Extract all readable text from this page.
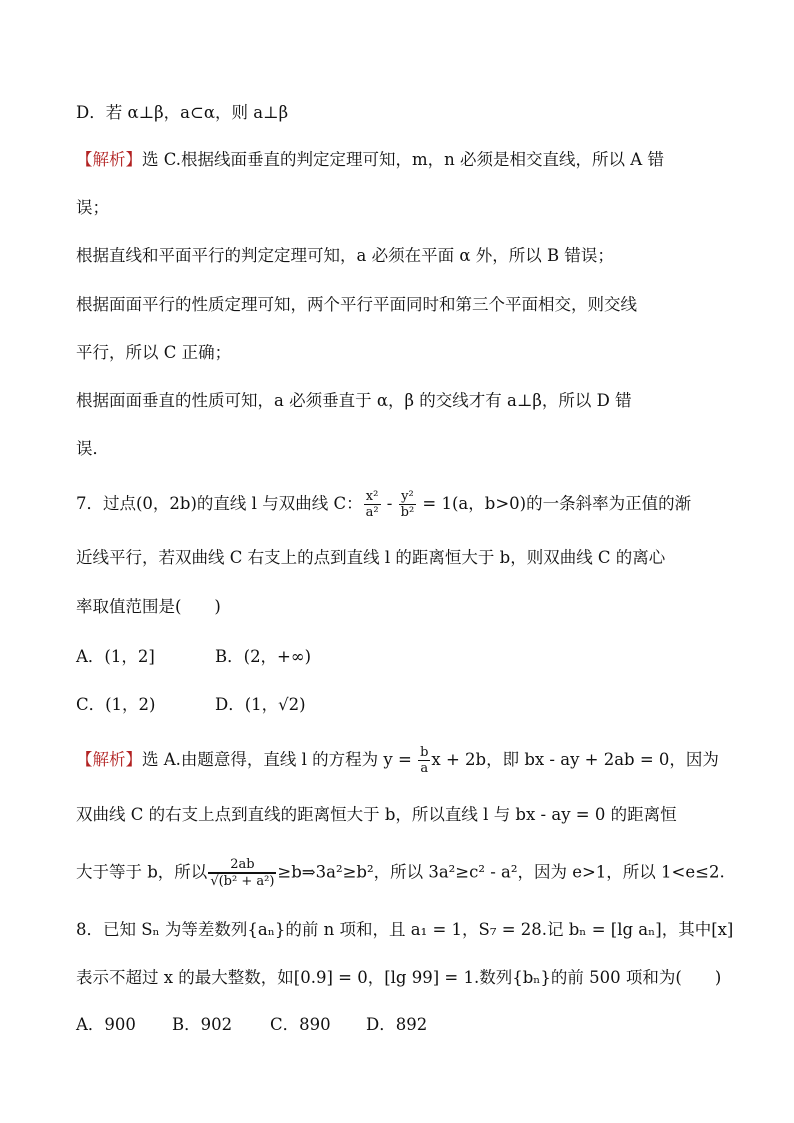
D．若 α⊥β，a⊂α，则 a⊥β
【解析】选 C.根据线面垂直的判定定理可知，m，n 必须是相交直线，所以 A 错
误；
根据直线和平面平行的判定定理可知，a 必须在平面 α 外，所以 B 错误；
根据面面平行的性质定理可知，两个平行平面同时和第三个平面相交，则交线
平行，所以 C 正确；
根据面面垂直的性质可知，a 必须垂直于 α，β 的交线才有 a⊥β，所以 D 错
误．
7．过点(0，2b)的直线 l 与双曲线 C： $\frac{\text{x²}}{\text{a²}} - \frac{\text{y²}}{\text{b²}} = 1(a$，b>0)的一条斜率为正值的渐
近线平行，若双曲线 C 右支上的点到直线 l 的距离恒大于 b，则双曲线 C 的离心
率取值范围是(　　)
A．(1，2]	B．(2，+∞)
C．(1，2)	D．(1，√2)
【解析】选 A.由题意得，直线 l 的方程为 $y = \frac{b}{a}$ x + 2b，即 bx - ay + 2ab = 0，因为
双曲线 C 的右支上点到直线的距离恒大于 b，所以直线 l 与 bx - ay = 0 的距离恒
大于等于 b，所以 $\frac{2ab}{\text{√(b² + a²)}}$ ≥b⇒3a²≥b²，所以 3a²≥c² - a²，因为 e>1，所以 1<e≤2.
8．已知 Sₙ 为等差数列{aₙ}的前 n 项和，且 a₁ = 1，S₇ = 28.记 bₙ = [lg aₙ]，其中[x]
表示不超过 x 的最大整数，如[0.9] = 0，[lg 99] = 1.数列{bₙ}的前 500 项和为(　　)
A．900 B．902 C．890 D．892
